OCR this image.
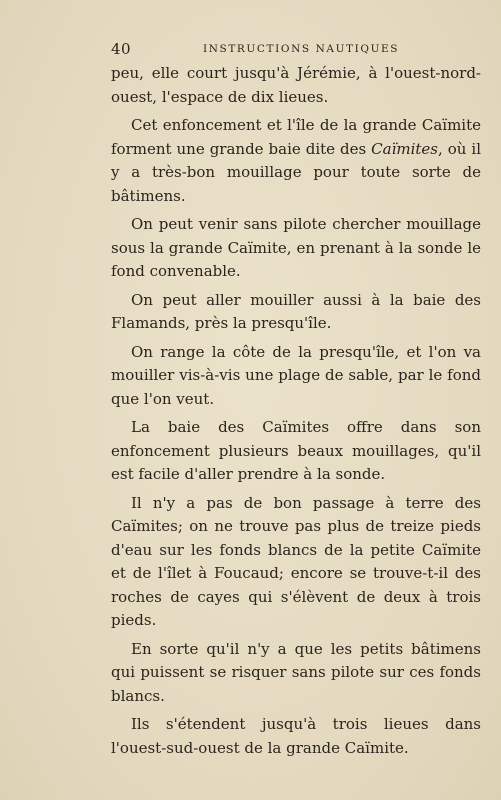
40	INSTRUCTIONS NAUTIQUES

peu, elle court jusqu'à Jérémie, à l'ouest-nord-ouest, l'espace de dix lieues.

Cet enfoncement et l'île de la grande Caïmite forment une grande baie dite des Caïmites, où il y a très-bon mouillage pour toute sorte de bâtimens.

On peut venir sans pilote chercher mouillage sous la grande Caïmite, en prenant à la sonde le fond convenable.

On peut aller mouiller aussi à la baie des Flamands, près la presqu'île.

On range la côte de la presqu'île, et l'on va mouiller vis-à-vis une plage de sable, par le fond que l'on veut.

La baie des Caïmites offre dans son enfoncement plusieurs beaux mouillages, qu'il est facile d'aller prendre à la sonde.

Il n'y a pas de bon passage à terre des Caïmites; on ne trouve pas plus de treize pieds d'eau sur les fonds blancs de la petite Caïmite et de l'îlet à Foucaud; encore se trouve-t-il des roches de cayes qui s'élèvent de deux à trois pieds.

En sorte qu'il n'y a que les petits bâtimens qui puissent se risquer sans pilote sur ces fonds blancs.

Ils s'étendent jusqu'à trois lieues dans l'ouest-sud-ouest de la grande Caïmite.
